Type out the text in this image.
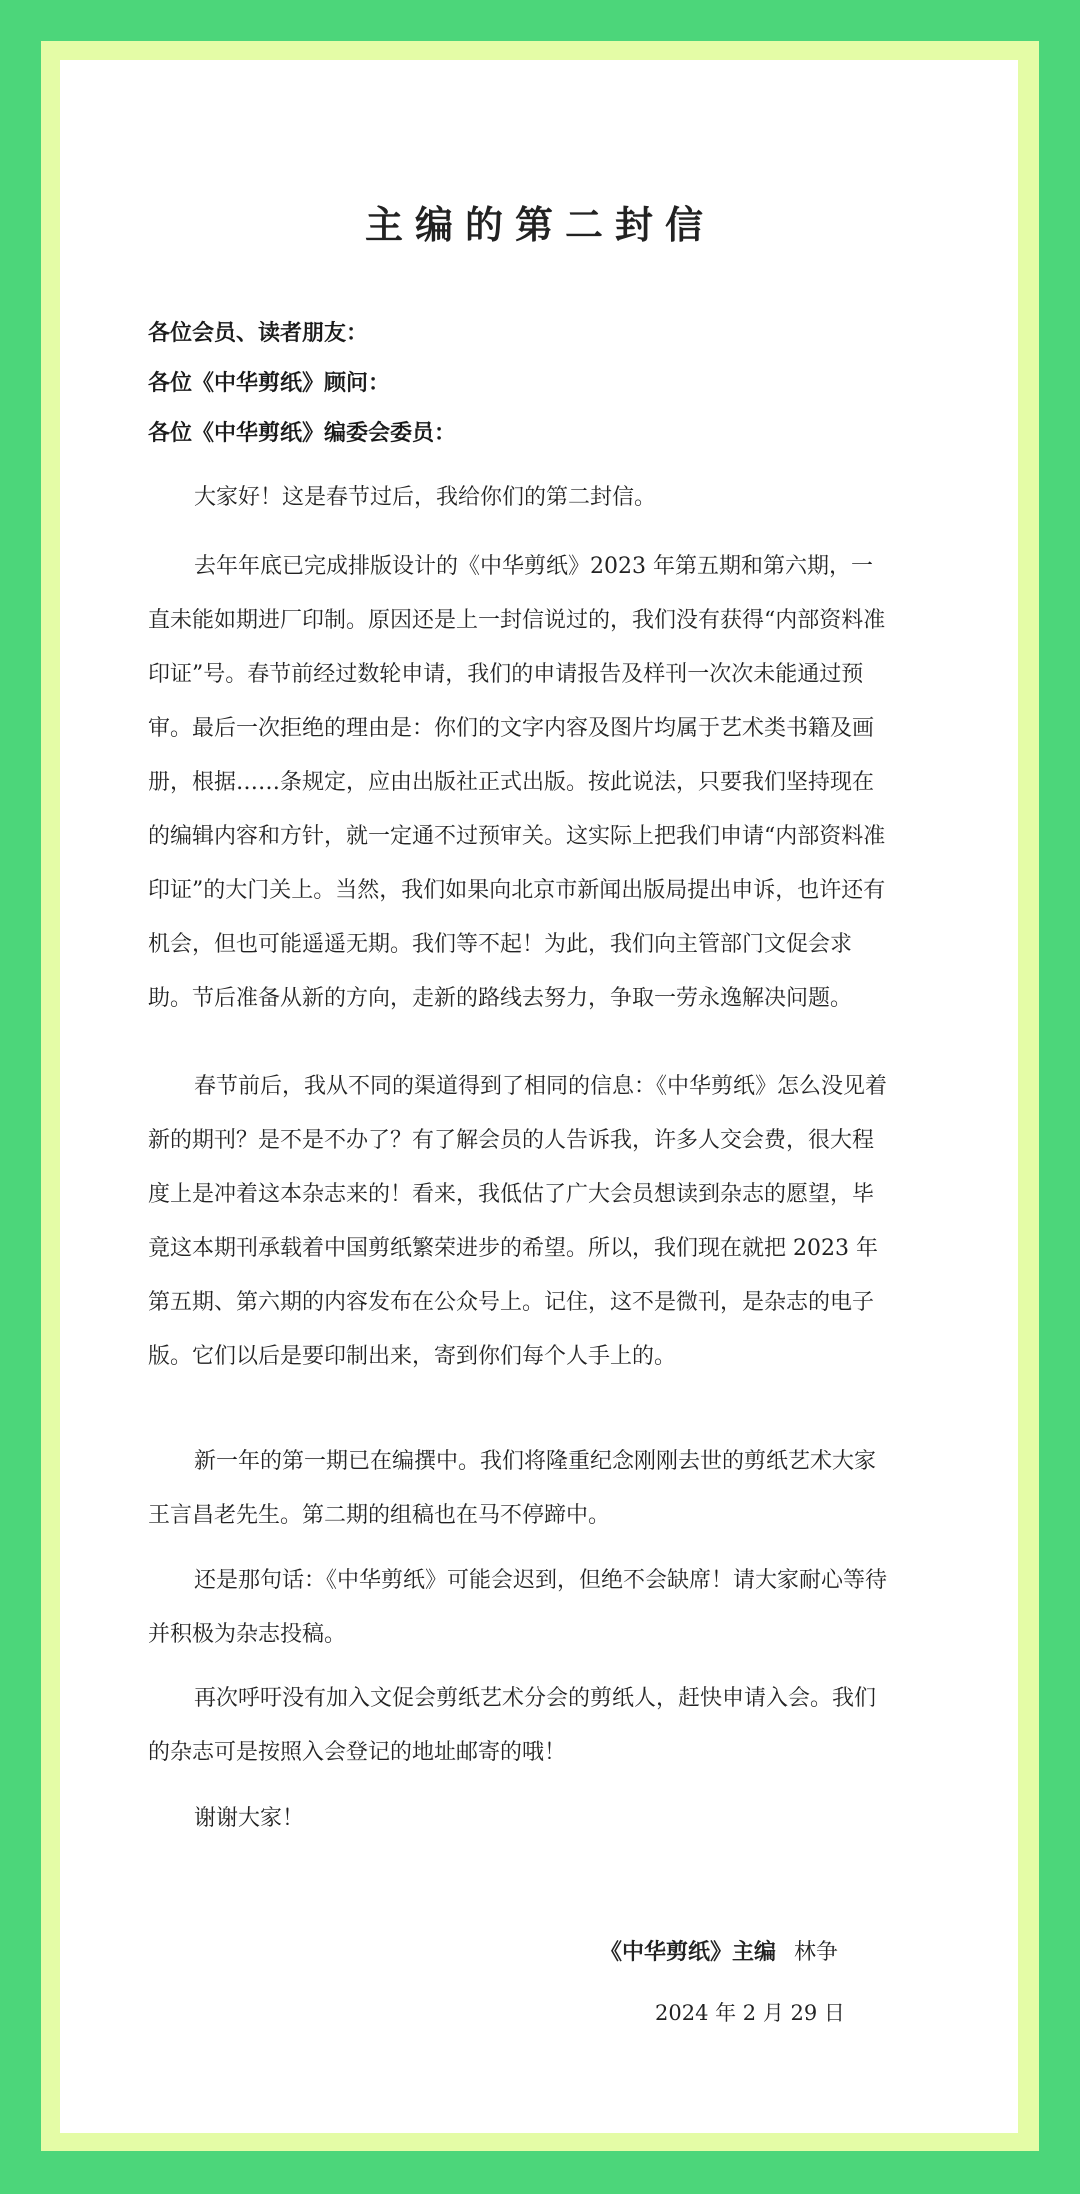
主编的第二封信
各位会员、读者朋友：
各位《中华剪纸》顾问：
各位《中华剪纸》编委会委员：

大家好！这是春节过后，我给你们的第二封信。

去年年底已完成排版设计的《中华剪纸》2023 年第五期和第六期，一直未能如期进厂印制。原因还是上一封信说过的，我们没有获得“内部资料准印证”号。春节前经过数轮申请，我们的申请报告及样刊一次次未能通过预审。最后一次拒绝的理由是：你们的文字内容及图片均属于艺术类书籍及画册，根据……条规定，应由出版社正式出版。按此说法，只要我们坚持现在的编辑内容和方针，就一定通不过预审关。这实际上把我们申请“内部资料准印证”的大门关上。当然，我们如果向北京市新闻出版局提出申诉，也许还有机会，但也可能遥遥无期。我们等不起！为此，我们向主管部门文促会求助。节后准备从新的方向，走新的路线去努力，争取一劳永逸解决问题。

春节前后，我从不同的渠道得到了相同的信息：《中华剪纸》怎么没见着新的期刊？是不是不办了？有了解会员的人告诉我，许多人交会费，很大程度上是冲着这本杂志来的！看来，我低估了广大会员想读到杂志的愿望，毕竟这本期刊承载着中国剪纸繁荣进步的希望。所以，我们现在就把 2023 年第五期、第六期的内容发布在公众号上。记住，这不是微刊，是杂志的电子版。它们以后是要印制出来，寄到你们每个人手上的。

新一年的第一期已在编撰中。我们将隆重纪念刚刚去世的剪纸艺术大家王言昌老先生。第二期的组稿也在马不停蹄中。

还是那句话：《中华剪纸》可能会迟到，但绝不会缺席！请大家耐心等待并积极为杂志投稿。

再次呼吁没有加入文促会剪纸艺术分会的剪纸人，赶快申请入会。我们的杂志可是按照入会登记的地址邮寄的哦！

谢谢大家！

《中华剪纸》主编 林争
2024 年 2 月 29 日
